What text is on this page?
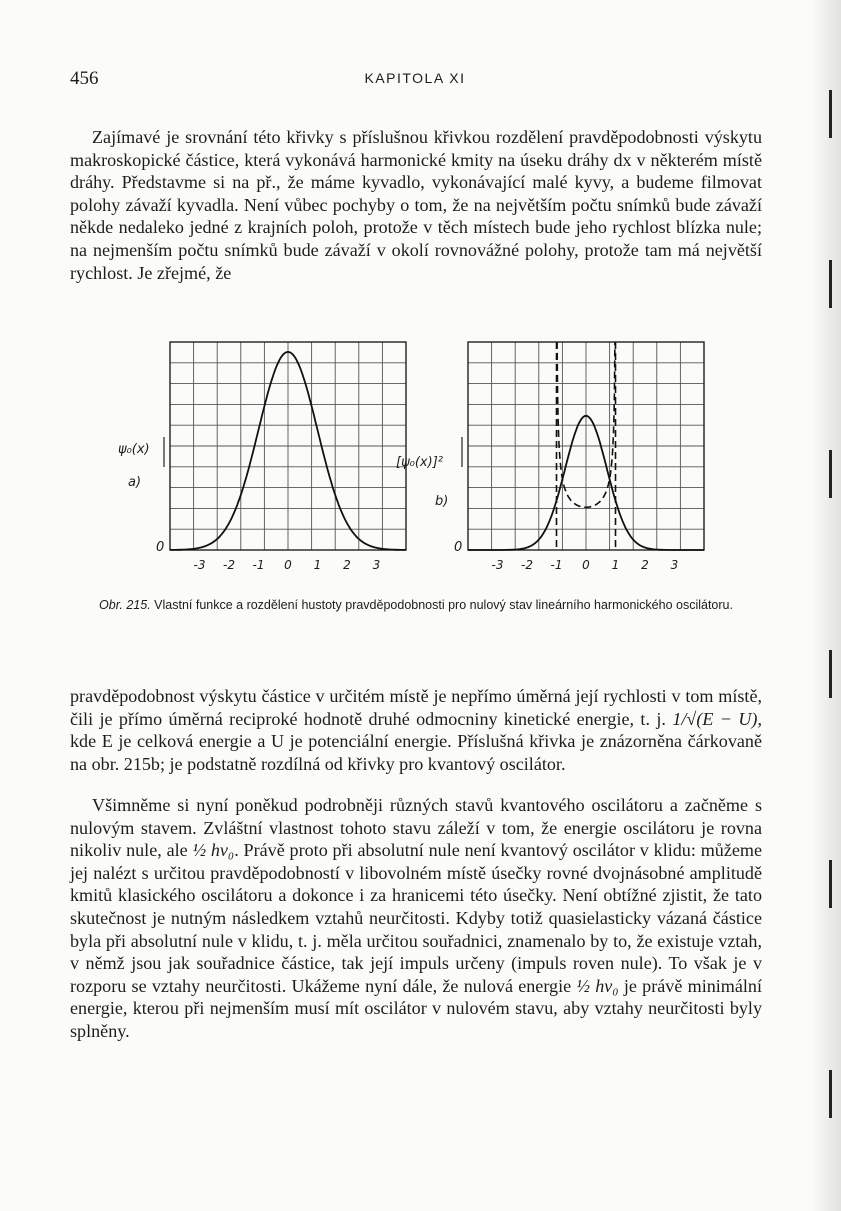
456	KAPITOLA XI

Zajímavé je srovnání této křivky s příslušnou křivkou rozdělení pravděpodobnosti výskytu makroskopické částice, která vykonává harmonické kmity na úseku dráhy dx v některém místě dráhy. Představme si na př., že máme kyvadlo, vykonávající malé kyvy, a budeme filmovat polohy závaží kyvadla. Není vůbec pochyby o tom, že na největším počtu snímků bude závaží někde nedaleko jedné z krajních poloh, protože v těch místech bude jeho rychlost blízka nule; na nejmenším počtu snímků bude závaží v okolí rovnovážné polohy, protože tam má největší rychlost. Je zřejmé, že

ψ₀(x)
a)
0
[ψ₀(x)]²
b)
0
-3	-2	-1	0	1	2	3	-3	-2	-1	0	1	2	3
Obr. 215. Vlastní funkce a rozdělení hustoty pravděpodobnosti pro nulový stav lineárního harmonického oscilátoru.

pravděpodobnost výskytu částice v určitém místě je nepřímo úměrná její rychlosti v tom místě, čili je přímo úměrná reciproké hodnotě druhé odmocniny kinetické energie, t. j. 1/√(E − U), kde E je celková energie a U je potenciální energie. Příslušná křivka je znázorněna čárkovaně na obr. 215b; je podstatně rozdílná od křivky pro kvantový oscilátor.

Všimněme si nyní poněkud podrobněji různých stavů kvantového oscilátoru a začněme s nulovým stavem. Zvláštní vlastnost tohoto stavu záleží v tom, že energie oscilátoru je rovna nikoliv nule, ale ½ hν₀. Právě proto při absolutní nule není kvantový oscilátor v klidu: můžeme jej nalézt s určitou pravděpodobností v libovolném místě úsečky rovné dvojnásobné amplitudě kmitů klasického oscilátoru a dokonce i za hranicemi této úsečky. Není obtížné zjistit, že tato skutečnost je nutným následkem vztahů neurčitosti. Kdyby totiž quasielasticky vázaná částice byla při absolutní nule v klidu, t. j. měla určitou souřadnici, znamenalo by to, že existuje vztah, v němž jsou jak souřadnice částice, tak její impuls určeny (impuls roven nule). To však je v rozporu se vztahy neurčitosti. Ukážeme nyní dále, že nulová energie ½ hν₀ je právě minimální energie, kterou při nejmenším musí mít oscilátor v nulovém stavu, aby vztahy neurčitosti byly splněny.
